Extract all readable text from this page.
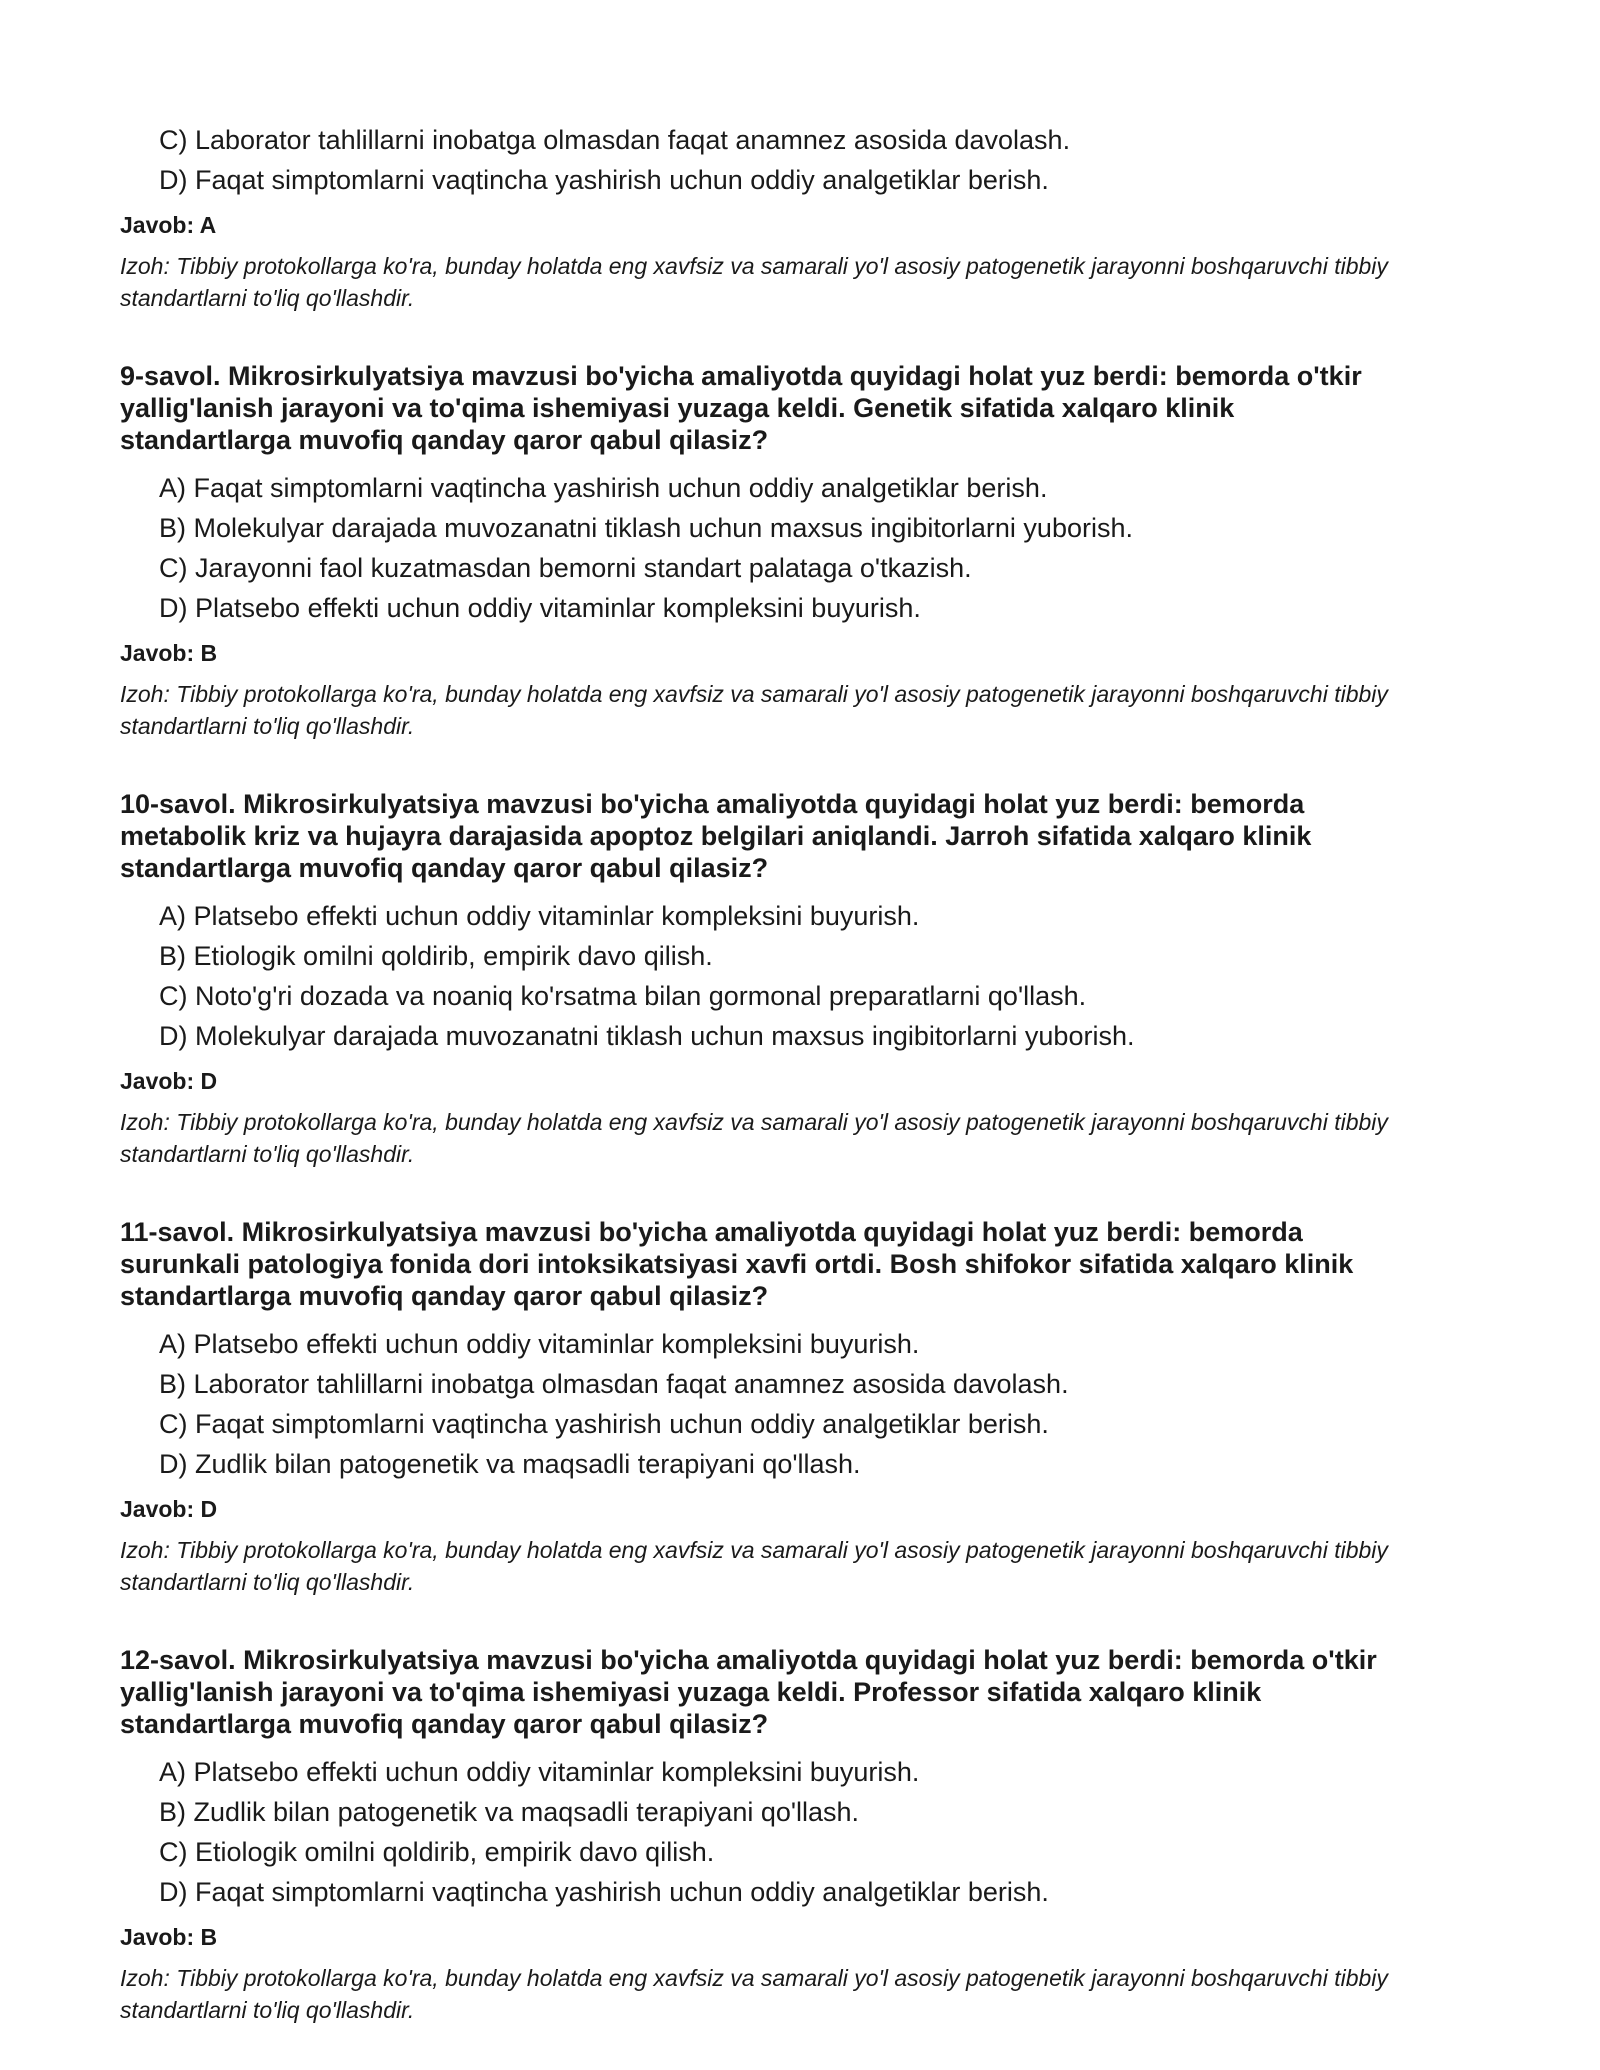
C) Laborator tahlillarni inobatga olmasdan faqat anamnez asosida davolash.
D) Faqat simptomlarni vaqtincha yashirish uchun oddiy analgetiklar berish.
Javob: A
Izoh: Tibbiy protokollarga ko'ra, bunday holatda eng xavfsiz va samarali yo'l asosiy patogenetik jarayonni boshqaruvchi tibbiy standartlarni to'liq qo'llashdir.
9-savol. Mikrosirkulyatsiya mavzusi bo'yicha amaliyotda quyidagi holat yuz berdi: bemorda o'tkir
yallig'lanish jarayoni va to'qima ishemiyasi yuzaga keldi. Genetik sifatida xalqaro klinik
standartlarga muvofiq qanday qaror qabul qilasiz?
A) Faqat simptomlarni vaqtincha yashirish uchun oddiy analgetiklar berish.
B) Molekulyar darajada muvozanatni tiklash uchun maxsus ingibitorlarni yuborish.
C) Jarayonni faol kuzatmasdan bemorni standart palataga o'tkazish.
D) Platsebo effekti uchun oddiy vitaminlar kompleksini buyurish.
Javob: B
Izoh: Tibbiy protokollarga ko'ra, bunday holatda eng xavfsiz va samarali yo'l asosiy patogenetik jarayonni boshqaruvchi tibbiy standartlarni to'liq qo'llashdir.
10-savol. Mikrosirkulyatsiya mavzusi bo'yicha amaliyotda quyidagi holat yuz berdi: bemorda
metabolik kriz va hujayra darajasida apoptoz belgilari aniqlandi. Jarroh sifatida xalqaro klinik
standartlarga muvofiq qanday qaror qabul qilasiz?
A) Platsebo effekti uchun oddiy vitaminlar kompleksini buyurish.
B) Etiologik omilni qoldirib, empirik davo qilish.
C) Noto'g'ri dozada va noaniq ko'rsatma bilan gormonal preparatlarni qo'llash.
D) Molekulyar darajada muvozanatni tiklash uchun maxsus ingibitorlarni yuborish.
Javob: D
Izoh: Tibbiy protokollarga ko'ra, bunday holatda eng xavfsiz va samarali yo'l asosiy patogenetik jarayonni boshqaruvchi tibbiy standartlarni to'liq qo'llashdir.
11-savol. Mikrosirkulyatsiya mavzusi bo'yicha amaliyotda quyidagi holat yuz berdi: bemorda
surunkali patologiya fonida dori intoksikatsiyasi xavfi ortdi. Bosh shifokor sifatida xalqaro klinik
standartlarga muvofiq qanday qaror qabul qilasiz?
A) Platsebo effekti uchun oddiy vitaminlar kompleksini buyurish.
B) Laborator tahlillarni inobatga olmasdan faqat anamnez asosida davolash.
C) Faqat simptomlarni vaqtincha yashirish uchun oddiy analgetiklar berish.
D) Zudlik bilan patogenetik va maqsadli terapiyani qo'llash.
Javob: D
Izoh: Tibbiy protokollarga ko'ra, bunday holatda eng xavfsiz va samarali yo'l asosiy patogenetik jarayonni boshqaruvchi tibbiy standartlarni to'liq qo'llashdir.
12-savol. Mikrosirkulyatsiya mavzusi bo'yicha amaliyotda quyidagi holat yuz berdi: bemorda o'tkir
yallig'lanish jarayoni va to'qima ishemiyasi yuzaga keldi. Professor sifatida xalqaro klinik
standartlarga muvofiq qanday qaror qabul qilasiz?
A) Platsebo effekti uchun oddiy vitaminlar kompleksini buyurish.
B) Zudlik bilan patogenetik va maqsadli terapiyani qo'llash.
C) Etiologik omilni qoldirib, empirik davo qilish.
D) Faqat simptomlarni vaqtincha yashirish uchun oddiy analgetiklar berish.
Javob: B
Izoh: Tibbiy protokollarga ko'ra, bunday holatda eng xavfsiz va samarali yo'l asosiy patogenetik jarayonni boshqaruvchi tibbiy standartlarni to'liq qo'llashdir.
